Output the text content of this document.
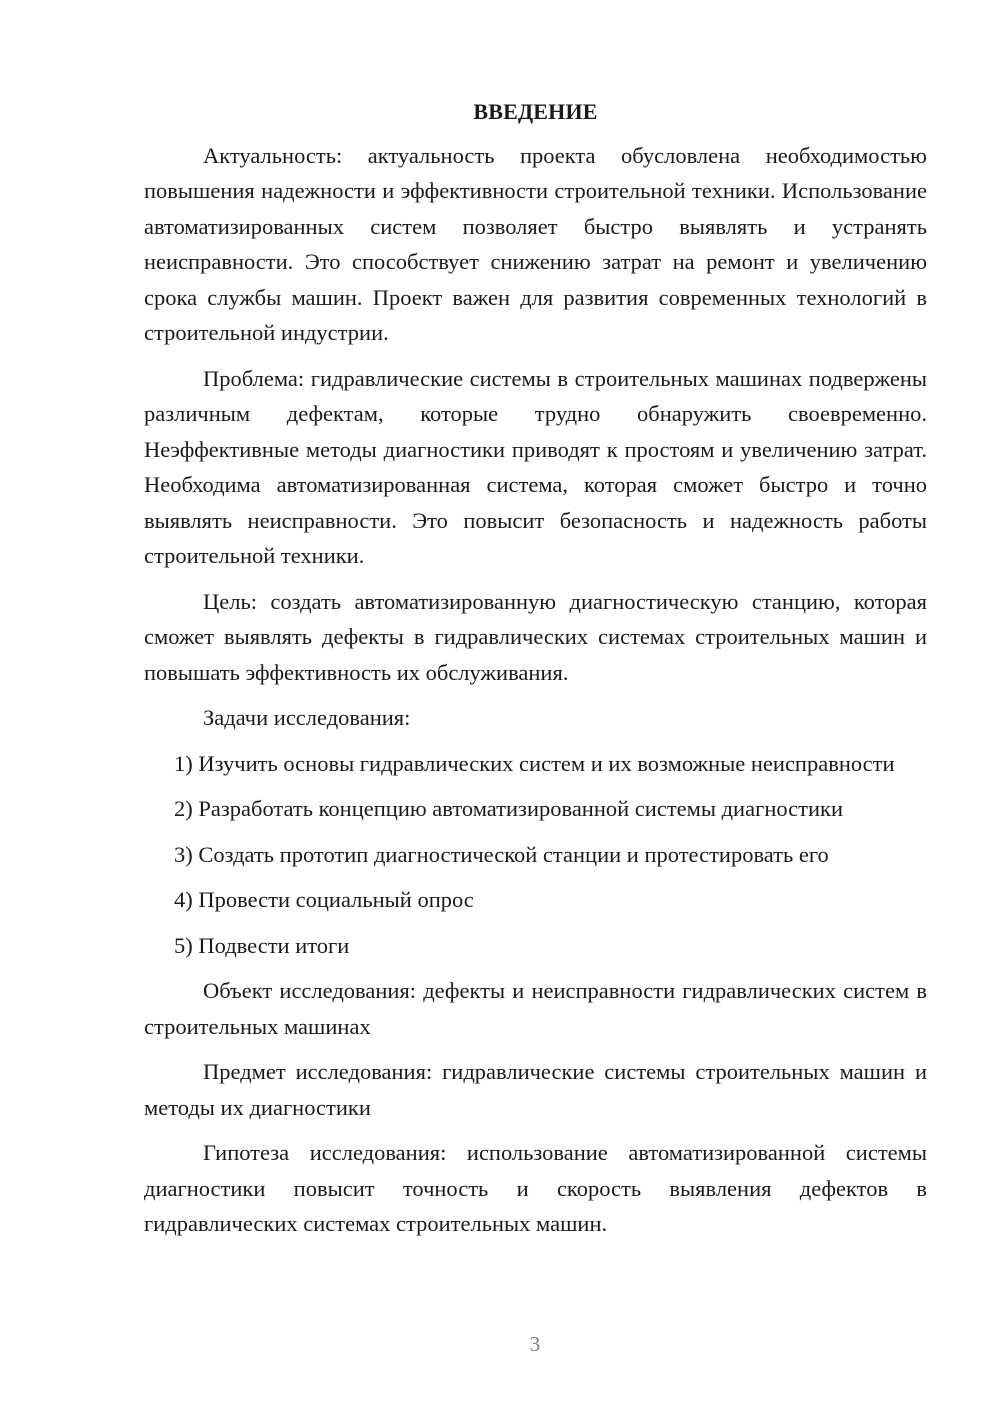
ВВЕДЕНИЕ

Актуальность: актуальность проекта обусловлена необходимостью повышения надежности и эффективности строительной техники. Использование автоматизированных систем позволяет быстро выявлять и устранять неисправности. Это способствует снижению затрат на ремонт и увеличению срока службы машин. Проект важен для развития современных технологий в строительной индустрии.

Проблема: гидравлические системы в строительных машинах подвержены различным дефектам, которые трудно обнаружить своевременно. Неэффективные методы диагностики приводят к простоям и увеличению затрат. Необходима автоматизированная система, которая сможет быстро и точно выявлять неисправности. Это повысит безопасность и надежность работы строительной техники.

Цель: создать автоматизированную диагностическую станцию, которая сможет выявлять дефекты в гидравлических системах строительных машин и повышать эффективность их обслуживания.

Задачи исследования:

1) Изучить основы гидравлических систем и их возможные неисправности

2) Разработать концепцию автоматизированной системы диагностики

3) Создать прототип диагностической станции и протестировать его

4) Провести социальный опрос

5) Подвести итоги

Объект исследования: дефекты и неисправности гидравлических систем в строительных машинах

Предмет исследования: гидравлические системы строительных машин и методы их диагностики

Гипотеза исследования: использование автоматизированной системы диагностики повысит точность и скорость выявления дефектов в гидравлических системах строительных машин.

3
